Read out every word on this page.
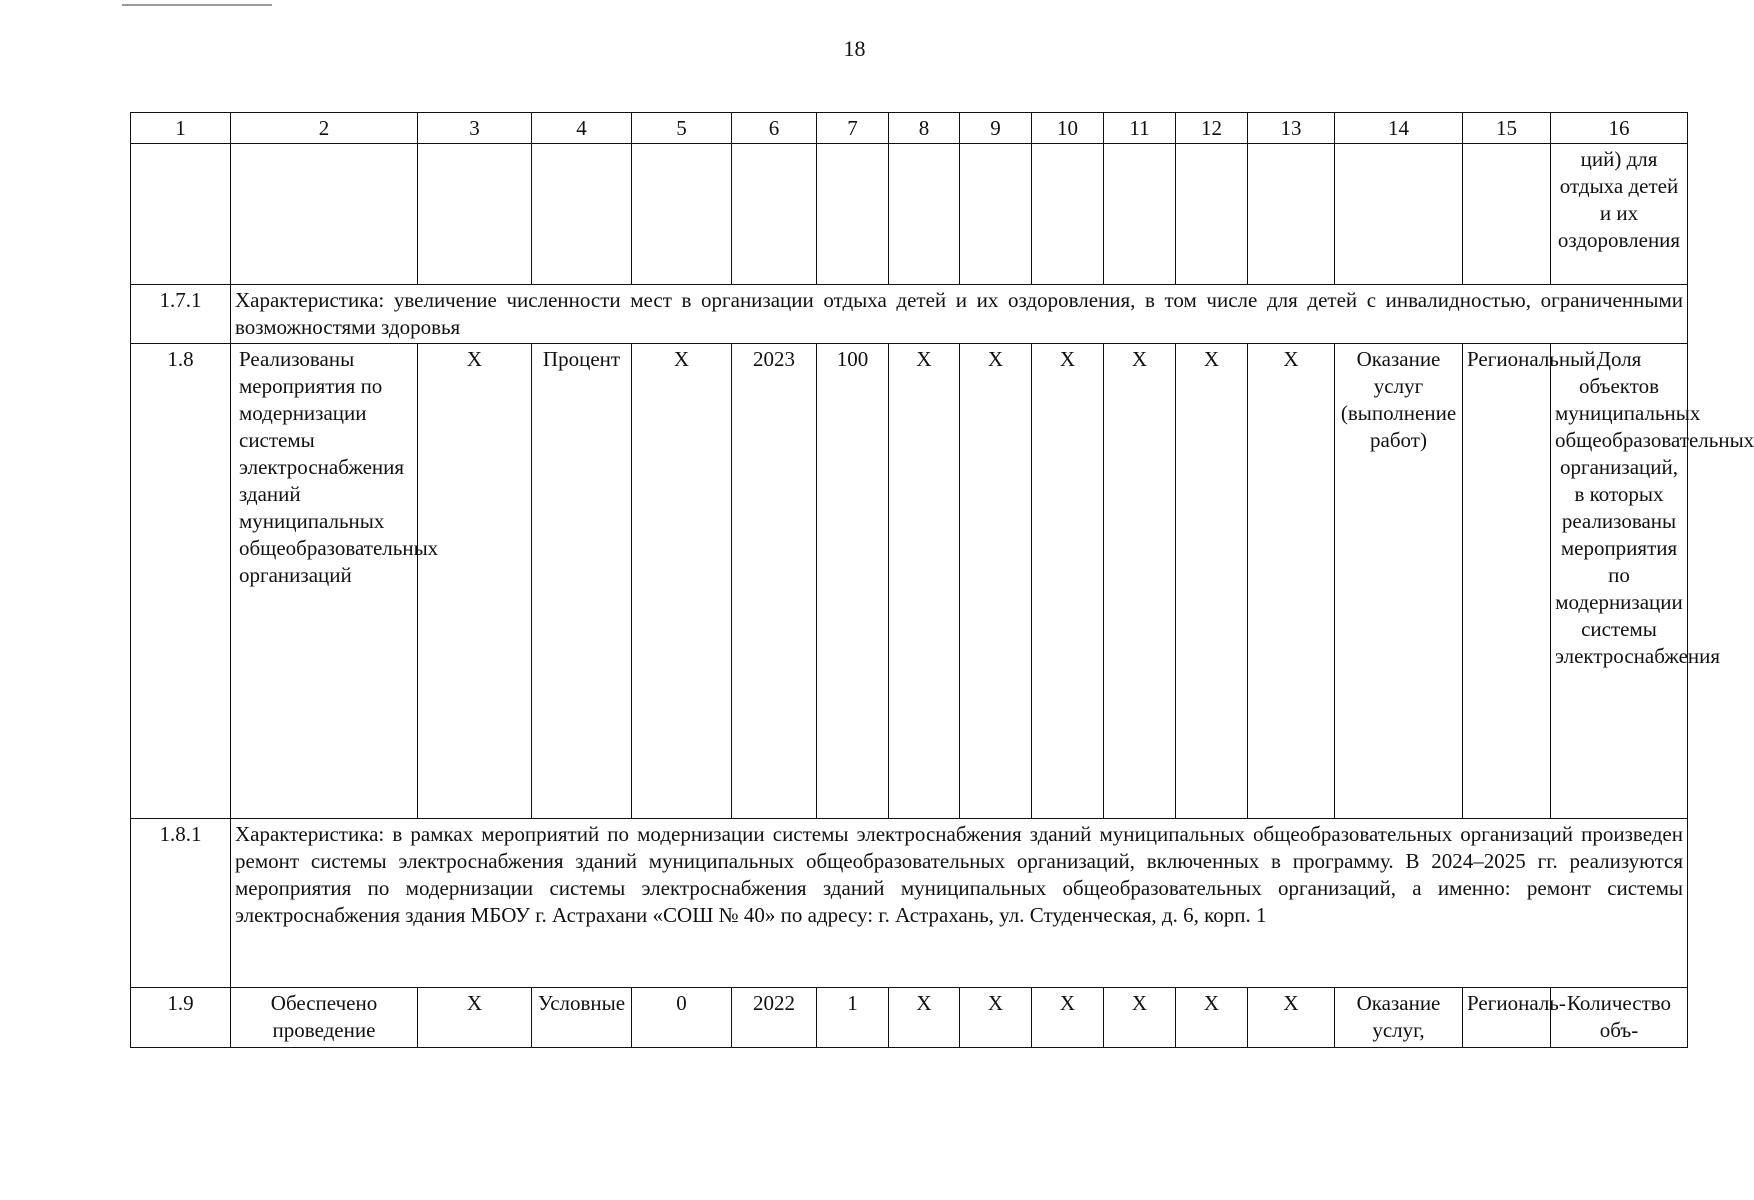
18
1	2	3	4	5	6	7	8	9	10	11	12	13	14	15	16
															ций) для отдыха детей и их оздоровления
1.7.1	Характеристика: увеличение численности мест в организации отдыха детей и их оздоровления, в том числе для детей с инвалидностью, ограниченными возможностями здоровья														
1.8	Реализованы мероприятия по модернизации системы электроснабжения зданий муниципальных общеобразовательных организаций	X	Процент	X	2023	100	X	X	X	X	X	X	Оказание услуг (выполнение работ)	Региональный	Доля объектов муниципальных общеобразовательных организаций, в которых реализованы мероприятия по модернизации системы электроснабжения
1.8.1	Характеристика: в рамках мероприятий по модернизации системы электроснабжения зданий муниципальных общеобразовательных организаций произведен ремонт системы электроснабжения зданий муниципальных общеобразовательных организаций, включенных в программу. В 2024–2025 гг. реализуются мероприятия по модернизации системы электроснабжения зданий муниципальных общеобразовательных организаций, а именно: ремонт системы электроснабжения здания МБОУ г. Астрахани «СОШ № 40» по адресу: г. Астрахань, ул. Студенческая, д. 6, корп. 1														
1.9	Обеспечено проведение	X	Условные	0	2022	1	X	X	X	X	X	X	Оказание услуг,	Региональ-	Количество объ-
